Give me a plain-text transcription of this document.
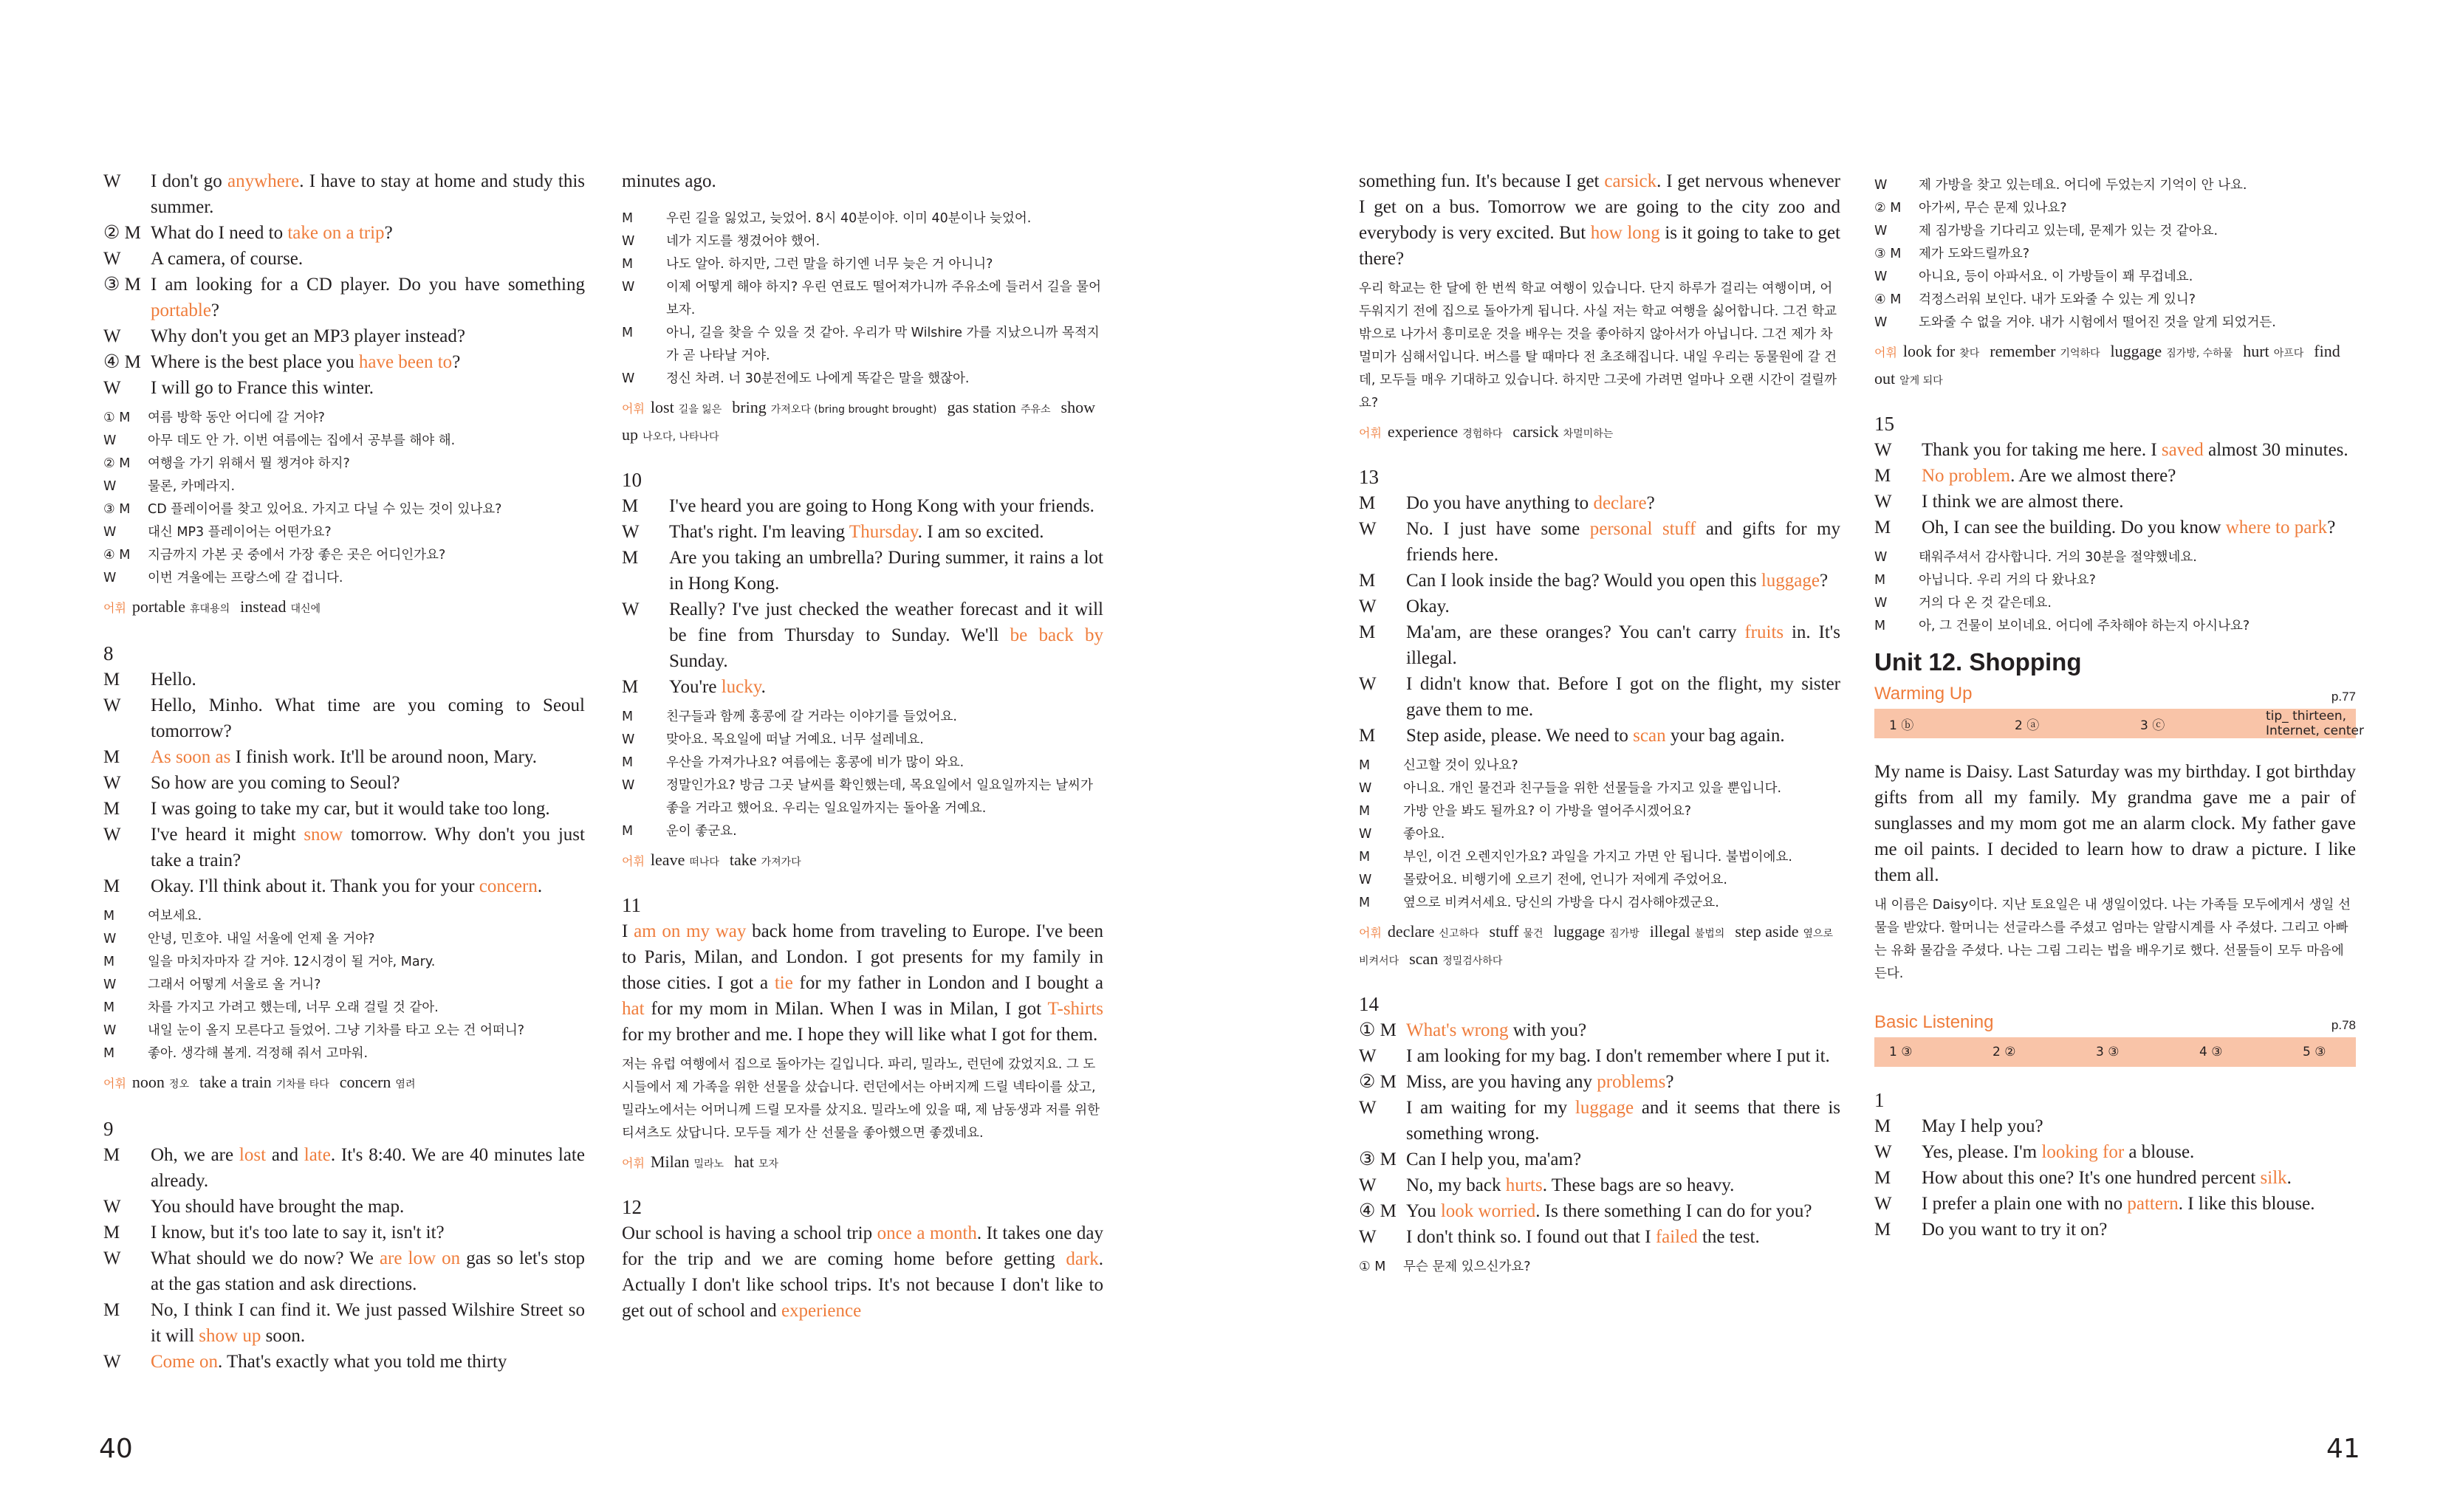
W	I don't go anywhere. I have to stay at home and study this summer.
② M What do I need to take on a trip?
W	A camera, of course.
③ M I am looking for a CD player. Do you have something portable?
W	Why don't you get an MP3 player instead?
④ M Where is the best place you have been to?
W	I will go to France this winter.
① M	여름 방학 동안 어디에 갈 거야?
W	아무 데도 안 가. 이번 여름에는 집에서 공부를 해야 해.
② M	여행을 가기 위해서 뭘 챙겨야 하지?
W	물론, 카메라지.
③ M	CD 플레이어를 찾고 있어요. 가지고 다닐 수 있는 것이 있나요?
W	대신 MP3 플레이어는 어떤가요?
④ M	지금까지 가본 곳 중에서 가장 좋은 곳은 어디인가요?
W	이번 겨울에는 프랑스에 갈 겁니다.
어휘 portable 휴대용의 instead 대신에
8
M	Hello.
W	Hello, Minho. What time are you coming to Seoul tomorrow?
M	As soon as I finish work. It'll be around noon, Mary.
W	So how are you coming to Seoul?
M	I was going to take my car, but it would take too long.
W	I've heard it might snow tomorrow. Why don't you just take a train?
M	Okay. I'll think about it. Thank you for your concern.
M	여보세요.
W	안녕, 민호야. 내일 서울에 언제 올 거야?
M	일을 마치자마자 갈 거야. 12시경이 될 거야, Mary.
W	그래서 어떻게 서울로 올 거니?
M	차를 가지고 가려고 했는데, 너무 오래 걸릴 것 같아.
W	내일 눈이 올지 모른다고 들었어. 그냥 기차를 타고 오는 건 어떠니?
M	좋아. 생각해 볼게. 걱정해 줘서 고마워.
어휘 noon 정오 take a train 기차를 타다 concern 염려
9
M	Oh, we are lost and late. It's 8:40. We are 40 minutes late already.
W	You should have brought the map.
M	I know, but it's too late to say it, isn't it?
W	What should we do now? We are low on gas so let's stop at the gas station and ask directions.
M	No, I think I can find it. We just passed Wilshire Street so it will show up soon.
W	Come on. That's exactly what you told me thirty
minutes ago.
M	우린 길을 잃었고, 늦었어. 8시 40분이야. 이미 40분이나 늦었어.
W	네가 지도를 챙겼어야 했어.
M	나도 알아. 하지만, 그런 말을 하기엔 너무 늦은 거 아니니?
W	이제 어떻게 해야 하지? 우린 연료도 떨어져가니까 주유소에 들러서 길을 물어 보자.
M	아니, 길을 찾을 수 있을 것 같아. 우리가 막 Wilshire 가를 지났으니까 목적지가 곧 나타날 거야.
W	정신 차려. 너 30분전에도 나에게 똑같은 말을 했잖아.
어휘 lost 길을 잃은 bring 가져오다 (bring brought brought) gas station 주유소 show up 나오다, 나타나다
10
M	I've heard you are going to Hong Kong with your friends.
W	That's right. I'm leaving Thursday. I am so excited.
M	Are you taking an umbrella? During summer, it rains a lot in Hong Kong.
W	Really? I've just checked the weather forecast and it will be fine from Thursday to Sunday. We'll be back by Sunday.
M	You're lucky.
M	친구들과 함께 홍콩에 갈 거라는 이야기를 들었어요.
W	맞아요. 목요일에 떠날 거예요. 너무 설레네요.
M	우산을 가져가나요? 여름에는 홍콩에 비가 많이 와요.
W	정말인가요? 방금 그곳 날씨를 확인했는데, 목요일에서 일요일까지는 날씨가 좋을 거라고 했어요. 우리는 일요일까지는 돌아올 거예요.
M	운이 좋군요.
어휘 leave 떠나다 take 가져가다
11
I am on my way back home from traveling to Europe. I've been to Paris, Milan, and London. I got presents for my family in those cities. I got a tie for my father in London and I bought a hat for my mom in Milan. When I was in Milan, I got T-shirts for my brother and me. I hope they will like what I got for them.
저는 유럽 여행에서 집으로 돌아가는 길입니다. 파리, 밀라노, 런던에 갔었지요. 그 도시들에서 제 가족을 위한 선물을 샀습니다. 런던에서는 아버지께 드릴 넥타이를 샀고, 밀라노에서는 어머니께 드릴 모자를 샀지요. 밀라노에 있을 때, 제 남동생과 저를 위한 티셔츠도 샀답니다. 모두들 제가 산 선물을 좋아했으면 좋겠네요.
어휘 Milan 밀라노 hat 모자
12
Our school is having a school trip once a month. It takes one day for the trip and we are coming home before getting dark. Actually I don't like school trips. It's not because I don't like to get out of school and experience
something fun. It's because I get carsick. I get nervous whenever I get on a bus. Tomorrow we are going to the city zoo and everybody is very excited. But how long is it going to take to get there?
우리 학교는 한 달에 한 번씩 학교 여행이 있습니다. 단지 하루가 걸리는 여행이며, 어두워지기 전에 집으로 돌아가게 됩니다. 사실 저는 학교 여행을 싫어합니다. 그건 학교 밖으로 나가서 흥미로운 것을 배우는 것을 좋아하지 않아서가 아닙니다. 그건 제가 차멀미가 심해서입니다. 버스를 탈 때마다 전 초조해집니다. 내일 우리는 동물원에 갈 건데, 모두들 매우 기대하고 있습니다. 하지만 그곳에 가려면 얼마나 오랜 시간이 걸릴까요?
어휘 experience 경험하다 carsick 차멀미하는
13
M	Do you have anything to declare?
W	No. I just have some personal stuff and gifts for my friends here.
M	Can I look inside the bag? Would you open this luggage?
W	Okay.
M	Ma'am, are these oranges? You can't carry fruits in. It's illegal.
W	I didn't know that. Before I got on the flight, my sister gave them to me.
M	Step aside, please. We need to scan your bag again.
M	신고할 것이 있나요?
W	아니요. 개인 물건과 친구들을 위한 선물들을 가지고 있을 뿐입니다.
M	가방 안을 봐도 될까요? 이 가방을 열어주시겠어요?
W	좋아요.
M	부인, 이건 오렌지인가요? 과일을 가지고 가면 안 됩니다. 불법이에요.
W	몰랐어요. 비행기에 오르기 전에, 언니가 저에게 주었어요.
M	옆으로 비켜서세요. 당신의 가방을 다시 검사해야겠군요.
어휘 declare 신고하다 stuff 물건 luggage 짐가방 illegal 불법의 step aside 옆으로 비켜서다 scan 정밀검사하다
14
① M What's wrong with you?
W	I am looking for my bag. I don't remember where I put it.
② M Miss, are you having any problems?
W	I am waiting for my luggage and it seems that there is something wrong.
③ M Can I help you, ma'am?
W	No, my back hurts. These bags are so heavy.
④ M You look worried. Is there something I can do for you?
W	I don't think so. I found out that I failed the test.
① M	무슨 문제 있으신가요?
W	제 가방을 찾고 있는데요. 어디에 두었는지 기억이 안 나요.
② M	아가씨, 무슨 문제 있나요?
W	제 짐가방을 기다리고 있는데, 문제가 있는 것 같아요.
③ M	제가 도와드릴까요?
W	아니요, 등이 아파서요. 이 가방들이 꽤 무겁네요.
④ M	걱정스러워 보인다. 내가 도와줄 수 있는 게 있니?
W	도와줄 수 없을 거야. 내가 시험에서 떨어진 것을 알게 되었거든.
어휘 look for 찾다 remember 기억하다 luggage 짐가방, 수하물 hurt 아프다 find out 알게 되다
15
W	Thank you for taking me here. I saved almost 30 minutes.
M	No problem. Are we almost there?
W	I think we are almost there.
M	Oh, I can see the building. Do you know where to park?
W	태워주셔서 감사합니다. 거의 30분을 절약했네요.
M	아닙니다. 우리 거의 다 왔나요?
W	거의 다 온 것 같은데요.
M	아, 그 건물이 보이네요. 어디에 주차해야 하는지 아시나요?
Unit 12. Shopping
Warming Up	p.77
1 ⓑ	2 ⓐ	3 ⓒ
tip_ thirteen, Internet, center
My name is Daisy. Last Saturday was my birthday. I got birthday gifts from all my family. My grandma gave me a pair of sunglasses and my mom got me an alarm clock. My father gave me oil paints. I decided to learn how to draw a picture. I like them all.
내 이름은 Daisy이다. 지난 토요일은 내 생일이었다. 나는 가족들 모두에게서 생일 선물을 받았다. 할머니는 선글라스를 주셨고 엄마는 알람시계를 사 주셨다. 그리고 아빠는 유화 물감을 주셨다. 나는 그림 그리는 법을 배우기로 했다. 선물들이 모두 마음에 든다.
Basic Listening	p.78
1 ③	2 ②	3 ③	4 ③	5 ③
1
M	May I help you?
W	Yes, please. I'm looking for a blouse.
M	How about this one? It's one hundred percent silk.
W	I prefer a plain one with no pattern. I like this blouse.
M	Do you want to try it on?
40	41
